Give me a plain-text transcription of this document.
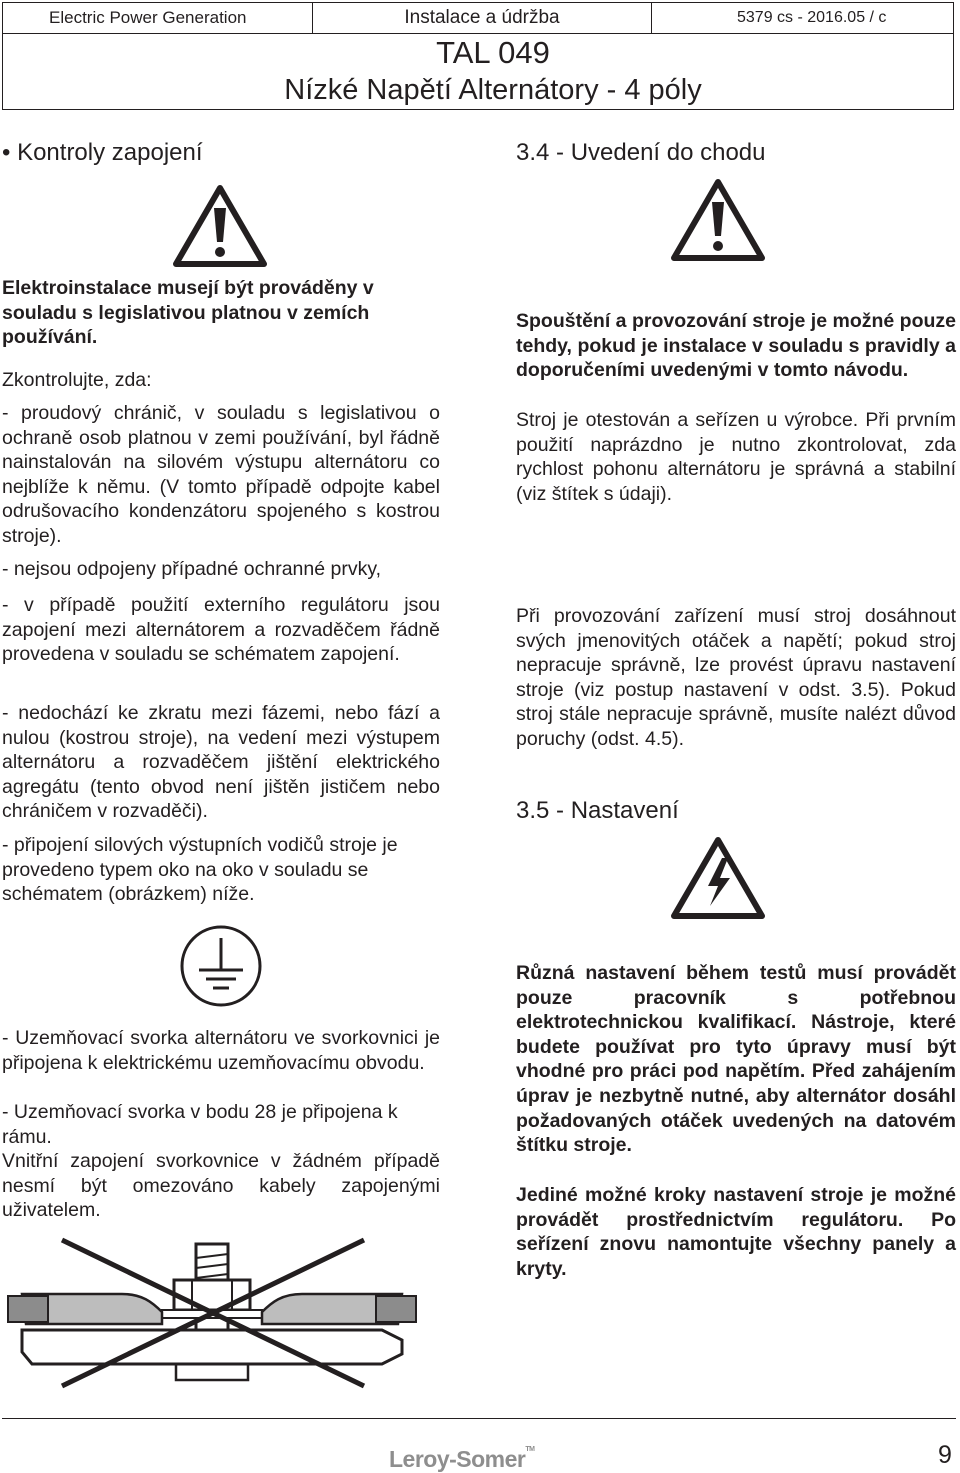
Electric Power Generation	Instalace a údržba	5379 cs - 2016.05 / c
TAL 049
Nízké Napětí Alternátory - 4 póly
• Kontroly zapojení
Elektroinstalace musejí být prováděny v souladu s legislativou platnou v zemích používání.
Zkontrolujte, zda:
- proudový chránič, v souladu s legislativou o ochraně osob platnou v zemi používání, byl řádně nainstalován na silovém výstupu alternátoru co nejblíže k němu. (V tomto případě odpojte kabel odrušovacího kondenzátoru spojeného s kostrou stroje).
- nejsou odpojeny případné ochranné prvky,
- v případě použití externího regulátoru jsou zapojení mezi alternátorem a rozvaděčem řádně provedena v souladu se schématem zapojení.
- nedochází ke zkratu mezi fázemi, nebo fází a nulou (kostrou stroje), na vedení mezi výstupem alternátoru a rozvaděčem jištění elektrického agregátu (tento obvod není jištěn jističem nebo chráničem v rozvaděči).
- připojení silových výstupních vodičů stroje je provedeno typem oko na oko v souladu se schématem (obrázkem) níže.
- Uzemňovací svorka alternátoru ve svorkovnici je připojena k elektrickému uzemňovacímu obvodu.
- Uzemňovací svorka v bodu 28 je připojena k rámu.
Vnitřní zapojení svorkovnice v žádném případě nesmí být omezováno kabely zapojenými uživatelem.
3.4 - Uvedení do chodu
Spouštění a provozování stroje je možné pouze tehdy, pokud je instalace v souladu s pravidly a doporučeními uvedenými v tomto návodu.
Stroj je otestován a seřízen u výrobce. Při prvním použití naprázdno je nutno zkontrolovat, zda rychlost pohonu alternátoru je správná a stabilní (viz štítek s údaji).
Při provozování zařízení musí stroj dosáhnout svých jmenovitých otáček a napětí; pokud stroj nepracuje správně, lze provést úpravu nastavení stroje (viz postup nastavení v odst. 3.5). Pokud stroj stále nepracuje správně, musíte nalézt důvod poruchy (odst. 4.5).
3.5 - Nastavení
Různá nastavení během testů musí provádět pouze pracovník s potřebnou elektrotechnickou kvalifikací. Nástroje, které budete používat pro tyto úpravy musí být vhodné pro práci pod napětím. Před zahájením úprav je nezbytně nutné, aby alternátor dosáhl požadovaných otáček uvedených na datovém štítku stroje.
Jediné možné kroky nastavení stroje je možné provádět prostřednictvím regulátoru. Po seřízení znovu namontujte všechny panely a kryty.
Leroy-Somer™	9
